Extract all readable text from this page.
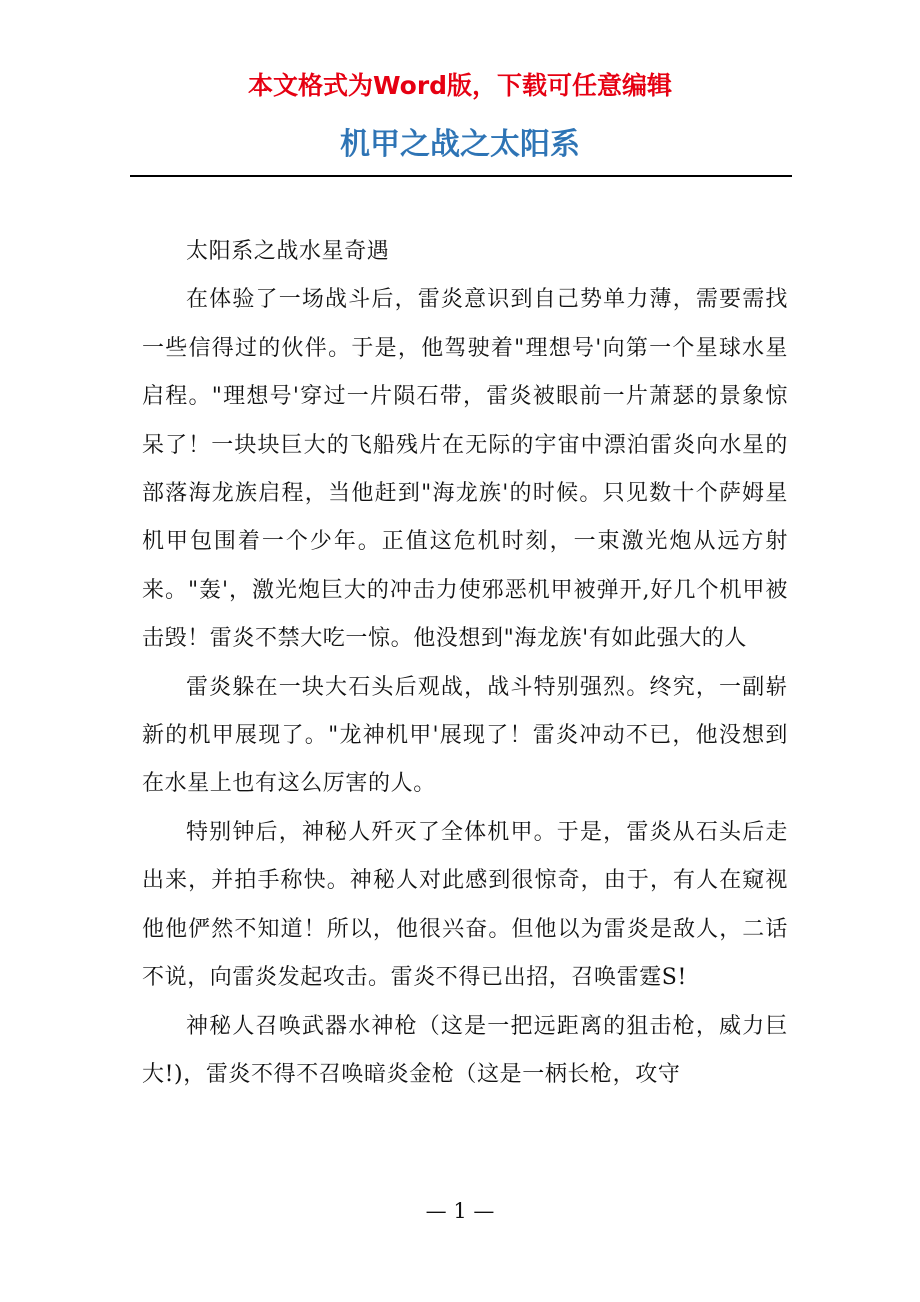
本文格式为Word版，下载可任意编辑
机甲之战之太阳系

太阳系之战水星奇遇

在体验了一场战斗后，雷炎意识到自己势单力薄，需要需找一些信得过的伙伴。于是，他驾驶着"理想号'向第一个星球水星启程。"理想号'穿过一片陨石带，雷炎被眼前一片萧瑟的景象惊呆了！一块块巨大的飞船残片在无际的宇宙中漂泊雷炎向水星的部落海龙族启程，当他赶到"海龙族'的时候。只见数十个萨姆星机甲包围着一个少年。正值这危机时刻，一束激光炮从远方射来。"轰'，激光炮巨大的冲击力使邪恶机甲被弹开,好几个机甲被击毁！雷炎不禁大吃一惊。他没想到"海龙族'有如此强大的人

雷炎躲在一块大石头后观战，战斗特别强烈。终究，一副崭新的机甲展现了。"龙神机甲'展现了！雷炎冲动不已，他没想到在水星上也有这么厉害的人。

特别钟后，神秘人歼灭了全体机甲。于是，雷炎从石头后走出来，并拍手称快。神秘人对此感到很惊奇，由于，有人在窥视他他俨然不知道！所以，他很兴奋。但他以为雷炎是敌人，二话不说，向雷炎发起攻击。雷炎不得已出招，召唤雷霆S!

神秘人召唤武器水神枪（这是一把远距离的狙击枪，威力巨大!)，雷炎不得不召唤暗炎金枪（这是一柄长枪，攻守

— 1 —
